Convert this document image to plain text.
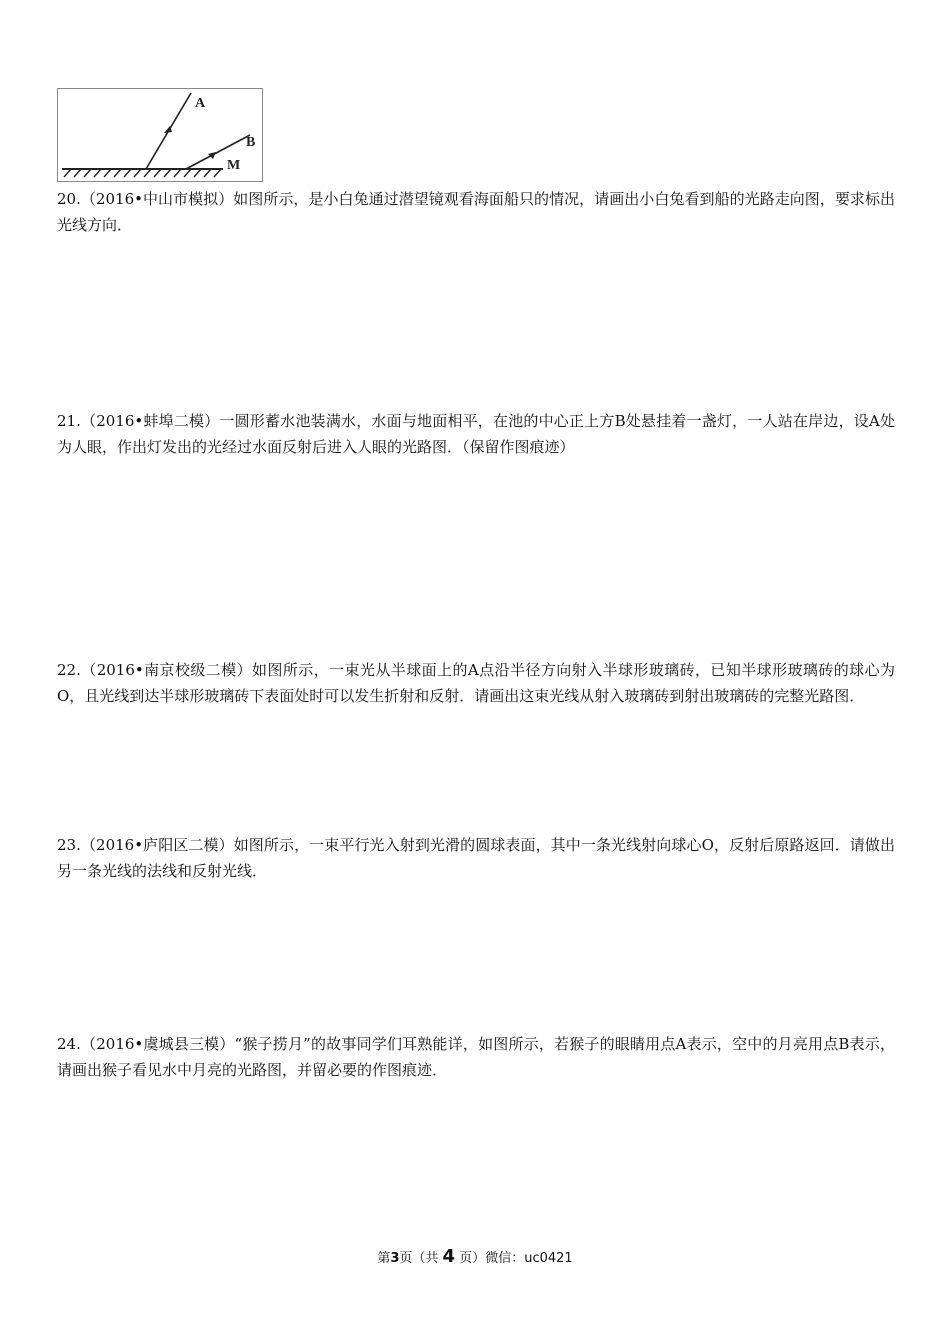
A
B
M

20.（2016•中山市模拟）如图所示，是小白兔通过潜望镜观看海面船只的情况，请画出小白兔看到船的光路走向图，要求标出光线方向．

21.（2016•蚌埠二模）一圆形蓄水池装满水，水面与地面相平，在池的中心正上方B处悬挂着一盏灯，一人站在岸边，设A处为人眼，作出灯发出的光经过水面反射后进入人眼的光路图．（保留作图痕迹）

22.（2016•南京校级二模）如图所示，一束光从半球面上的A点沿半径方向射入半球形玻璃砖，已知半球形玻璃砖的球心为O，且光线到达半球形玻璃砖下表面处时可以发生折射和反射．请画出这束光线从射入玻璃砖到射出玻璃砖的完整光路图．

23.（2016•庐阳区二模）如图所示，一束平行光入射到光滑的圆球表面，其中一条光线射向球心O，反射后原路返回．请做出另一条光线的法线和反射光线．

24.（2016•虞城县三模）“猴子捞月”的故事同学们耳熟能详，如图所示，若猴子的眼睛用点A表示，空中的月亮用点B表示，请画出猴子看见水中月亮的光路图，并留必要的作图痕迹．

第3页（共 4 页）微信：uc0421
